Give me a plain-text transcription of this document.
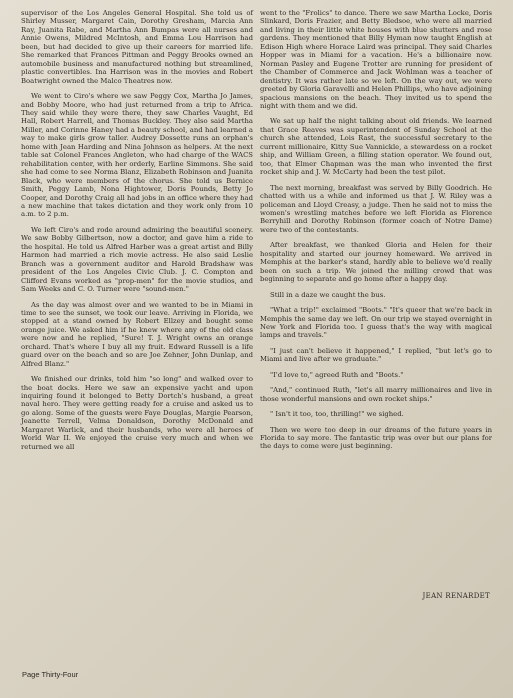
supervisor of the Los Angeles General Hospital. She told us of Shirley Musser, Margaret Cain, Dorothy Gresham, Marcia Ann Ray, Juanita Rabe, and Martha Ann Bumpas were all nurses and Annie Owens, Mildred McIntosh, and Emma Lou Harrison had been, but had decided to give up their careers for married life. She remarked that Frances Pittman and Peggy Brooks owned an automobile business and manufactured nothing but streamlined, plastic convertibles. Ina Harrison was in the movies and Robert Boatwright owned the Malco Theatres now.

We went to Ciro's where we saw Peggy Cox, Martha Jo James, and Bobby Moore, who had just returned from a trip to Africa. They said while they were there, they saw Charles Vaught, Ed Hall, Robert Harrell, and Thomas Buckley. They also said Martha Miller, and Corinne Haney had a beauty school, and had learned a way to make girls grow taller. Audrey Dossette runs an orphan's home with Jean Harding and Nina Johnson as helpers. At the next table sat Colonel Frances Angleton, who had charge of the WACS rehabilitation center, with her orderly, Earline Simmons. She said she had come to see Norma Blanz, Elizabeth Robinson and Juanita Black, who were members of the chorus. She told us Bernice Smith, Peggy Lamb, Nona Hightower, Doris Pounds, Betty Jo Cooper, and Dorothy Craig all had jobs in an office where they had a new machine that takes dictation and they work only from 10 a.m. to 2 p.m.

We left Ciro's and rode around admiring the beautiful scenery. We saw Bobby Gilbertson, now a doctor, and gave him a ride to the hospital. He told us Alfred Harber was a great artist and Billy Harmon had married a rich movie actress. He also said Leslie Branch was a government auditor and Harold Bradshaw was president of the Los Angeles Civic Club. J. C. Compton and Clifford Evans worked as "prop-men" for the movie studios, and Sam Weeks and C. O. Turner were "sound-men."

As the day was almost over and we wanted to be in Miami in time to see the sunset, we took our leave. Arriving in Florida, we stopped at a stand owned by Robert Ellzey and bought some orange juice. We asked him if he knew where any of the old class were now and he replied, "Sure! T. J. Wright owns an orange orchard. That's where I buy all my fruit. Edward Russell is a life guard over on the beach and so are Joe Zehner, John Dunlap, and Alfred Blanz."

We finished our drinks, told him "so long" and walked over to the boat docks. Here we saw an expensive yacht and upon inquiring found it belonged to Betty Dortch's husband, a great naval hero. They were getting ready for a cruise and asked us to go along. Some of the guests were Faye Douglas, Margie Pearson, Jeanette Terrell, Velma Donaldson, Dorothy McDonald and Margaret Warlick, and their husbands, who were all heroes of World War II. We enjoyed the cruise very much and when we returned we all

went to the "Frolics" to dance. There we saw Martha Locke, Doris Slinkard, Doris Frazier, and Betty Bledsoe, who were all married and living in their little white houses with blue shutters and rose gardens. They mentioned that Billy Hyman now taught English at Edison High where Horace Laird was principal. They said Charles Hopper was in Miami for a vacation. He's a billionaire now. Norman Pasley and Eugene Trotter are running for president of the Chamber of Commerce and Jack Wohlman was a teacher of dentistry. It was rather late so we left. On the way out, we were greeted by Gloria Garavelli and Helen Phillips, who have adjoining spacious mansions on the beach. They invited us to spend the night with them and we did.

We sat up half the night talking about old friends. We learned that Grace Reaves was superintendent of Sunday School at the church she attended, Lois Rast, the successful secretary to the current millionaire, Kitty Sue Vannickle, a stewardess on a rocket ship, and William Green, a filling station operator. We found out, too, that Elmer Chapman was the man who invented the first rocket ship and J. W. McCarty had been the test pilot.

The next morning, breakfast was served by Billy Goodrich. He chatted with us a while and informed us that J. W. Riley was a policeman and Lloyd Creasy, a judge. Then he said not to miss the women's wrestling matches before we left Florida as Florence Berryhill and Dorothy Robinson (former coach of Notre Dame) were two of the contestants.

After breakfast, we thanked Gloria and Helen for their hospitality and started our journey homeward. We arrived in Memphis at the barker's stand, hardly able to believe we'd really been on such a trip. We joined the milling crowd that was beginning to separate and go home after a happy day.

Still in a daze we caught the bus.

"What a trip!" exclaimed "Boots." "It's queer that we're back in Memphis the same day we left. On our trip we stayed overnight in New York and Florida too. I guess that's the way with magical lamps and travels."

"I just can't believe it happened," I replied, "but let's go to Miami and live after we graduate."

"I'd love to," agreed Ruth and "Boots."

"And," continued Ruth, "let's all marry millionaires and live in those wonderful mansions and own rocket ships."

" Isn't it too, too, thrilling!" we sighed.

Then we were too deep in our dreams of the future years in Florida to say more. The fantastic trip was over but our plans for the days to come were just beginning.

JEAN RENARDET
Page Thirty-Four
